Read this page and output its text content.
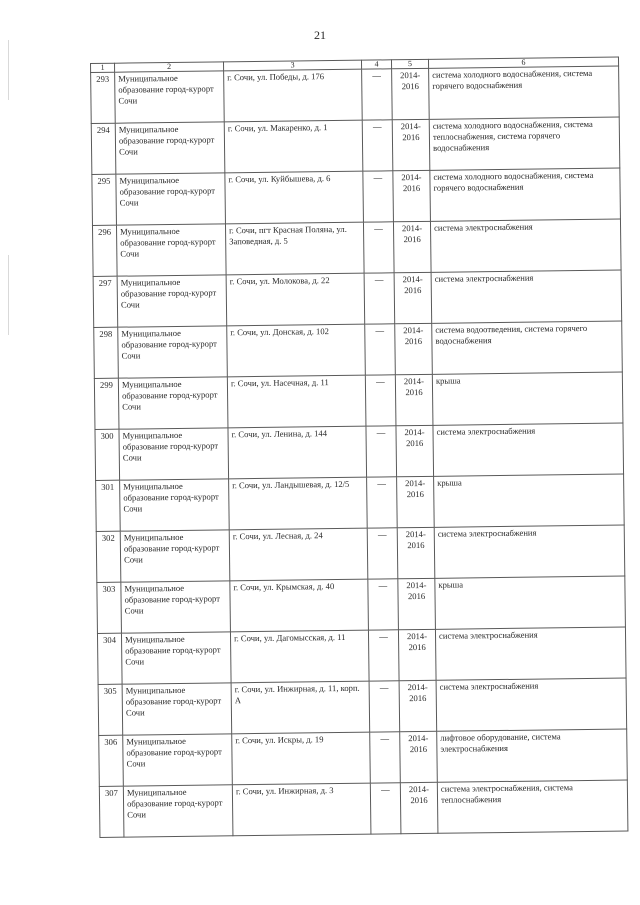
21
1	2	3	4	5	6
293	Муниципальное образование город-курорт Сочи	г. Сочи, ул. Победы, д. 176	—	2014-2016	система холодного водоснабжения, система горячего водоснабжения
294	Муниципальное образование город-курорт Сочи	г. Сочи, ул. Макаренко, д. 1	—	2014-2016	система холодного водоснабжения, система теплоснабжения, система горячего водоснабжения
295	Муниципальное образование город-курорт Сочи	г. Сочи, ул. Куйбышева, д. 6	—	2014-2016	система холодного водоснабжения, система горячего водоснабжения
296	Муниципальное образование город-курорт Сочи	г. Сочи, пгт Красная Поляна, ул. Заповедная, д. 5	—	2014-2016	система электроснабжения
297	Муниципальное образование город-курорт Сочи	г. Сочи, ул. Молокова, д. 22	—	2014-2016	система электроснабжения
298	Муниципальное образование город-курорт Сочи	г. Сочи, ул. Донская, д. 102	—	2014-2016	система водоотведения, система горячего водоснабжения
299	Муниципальное образование город-курорт Сочи	г. Сочи, ул. Насечная, д. 11	—	2014-2016	крыша
300	Муниципальное образование город-курорт Сочи	г. Сочи, ул. Ленина, д. 144	—	2014-2016	система электроснабжения
301	Муниципальное образование город-курорт Сочи	г. Сочи, ул. Ландышевая, д. 12/5	—	2014-2016	крыша
302	Муниципальное образование город-курорт Сочи	г. Сочи, ул. Лесная, д. 24	—	2014-2016	система электроснабжения
303	Муниципальное образование город-курорт Сочи	г. Сочи, ул. Крымская, д. 40	—	2014-2016	крыша
304	Муниципальное образование город-курорт Сочи	г. Сочи, ул. Дагомысская, д. 11	—	2014-2016	система электроснабжения
305	Муниципальное образование город-курорт Сочи	г. Сочи, ул. Инжирная, д. 11, корп. А	—	2014-2016	система электроснабжения
306	Муниципальное образование город-курорт Сочи	г. Сочи, ул. Искры, д. 19	—	2014-2016	лифтовое оборудование, система электроснабжения
307	Муниципальное образование город-курорт Сочи	г. Сочи, ул. Инжирная, д. 3	—	2014-2016	система электроснабжения, система теплоснабжения
